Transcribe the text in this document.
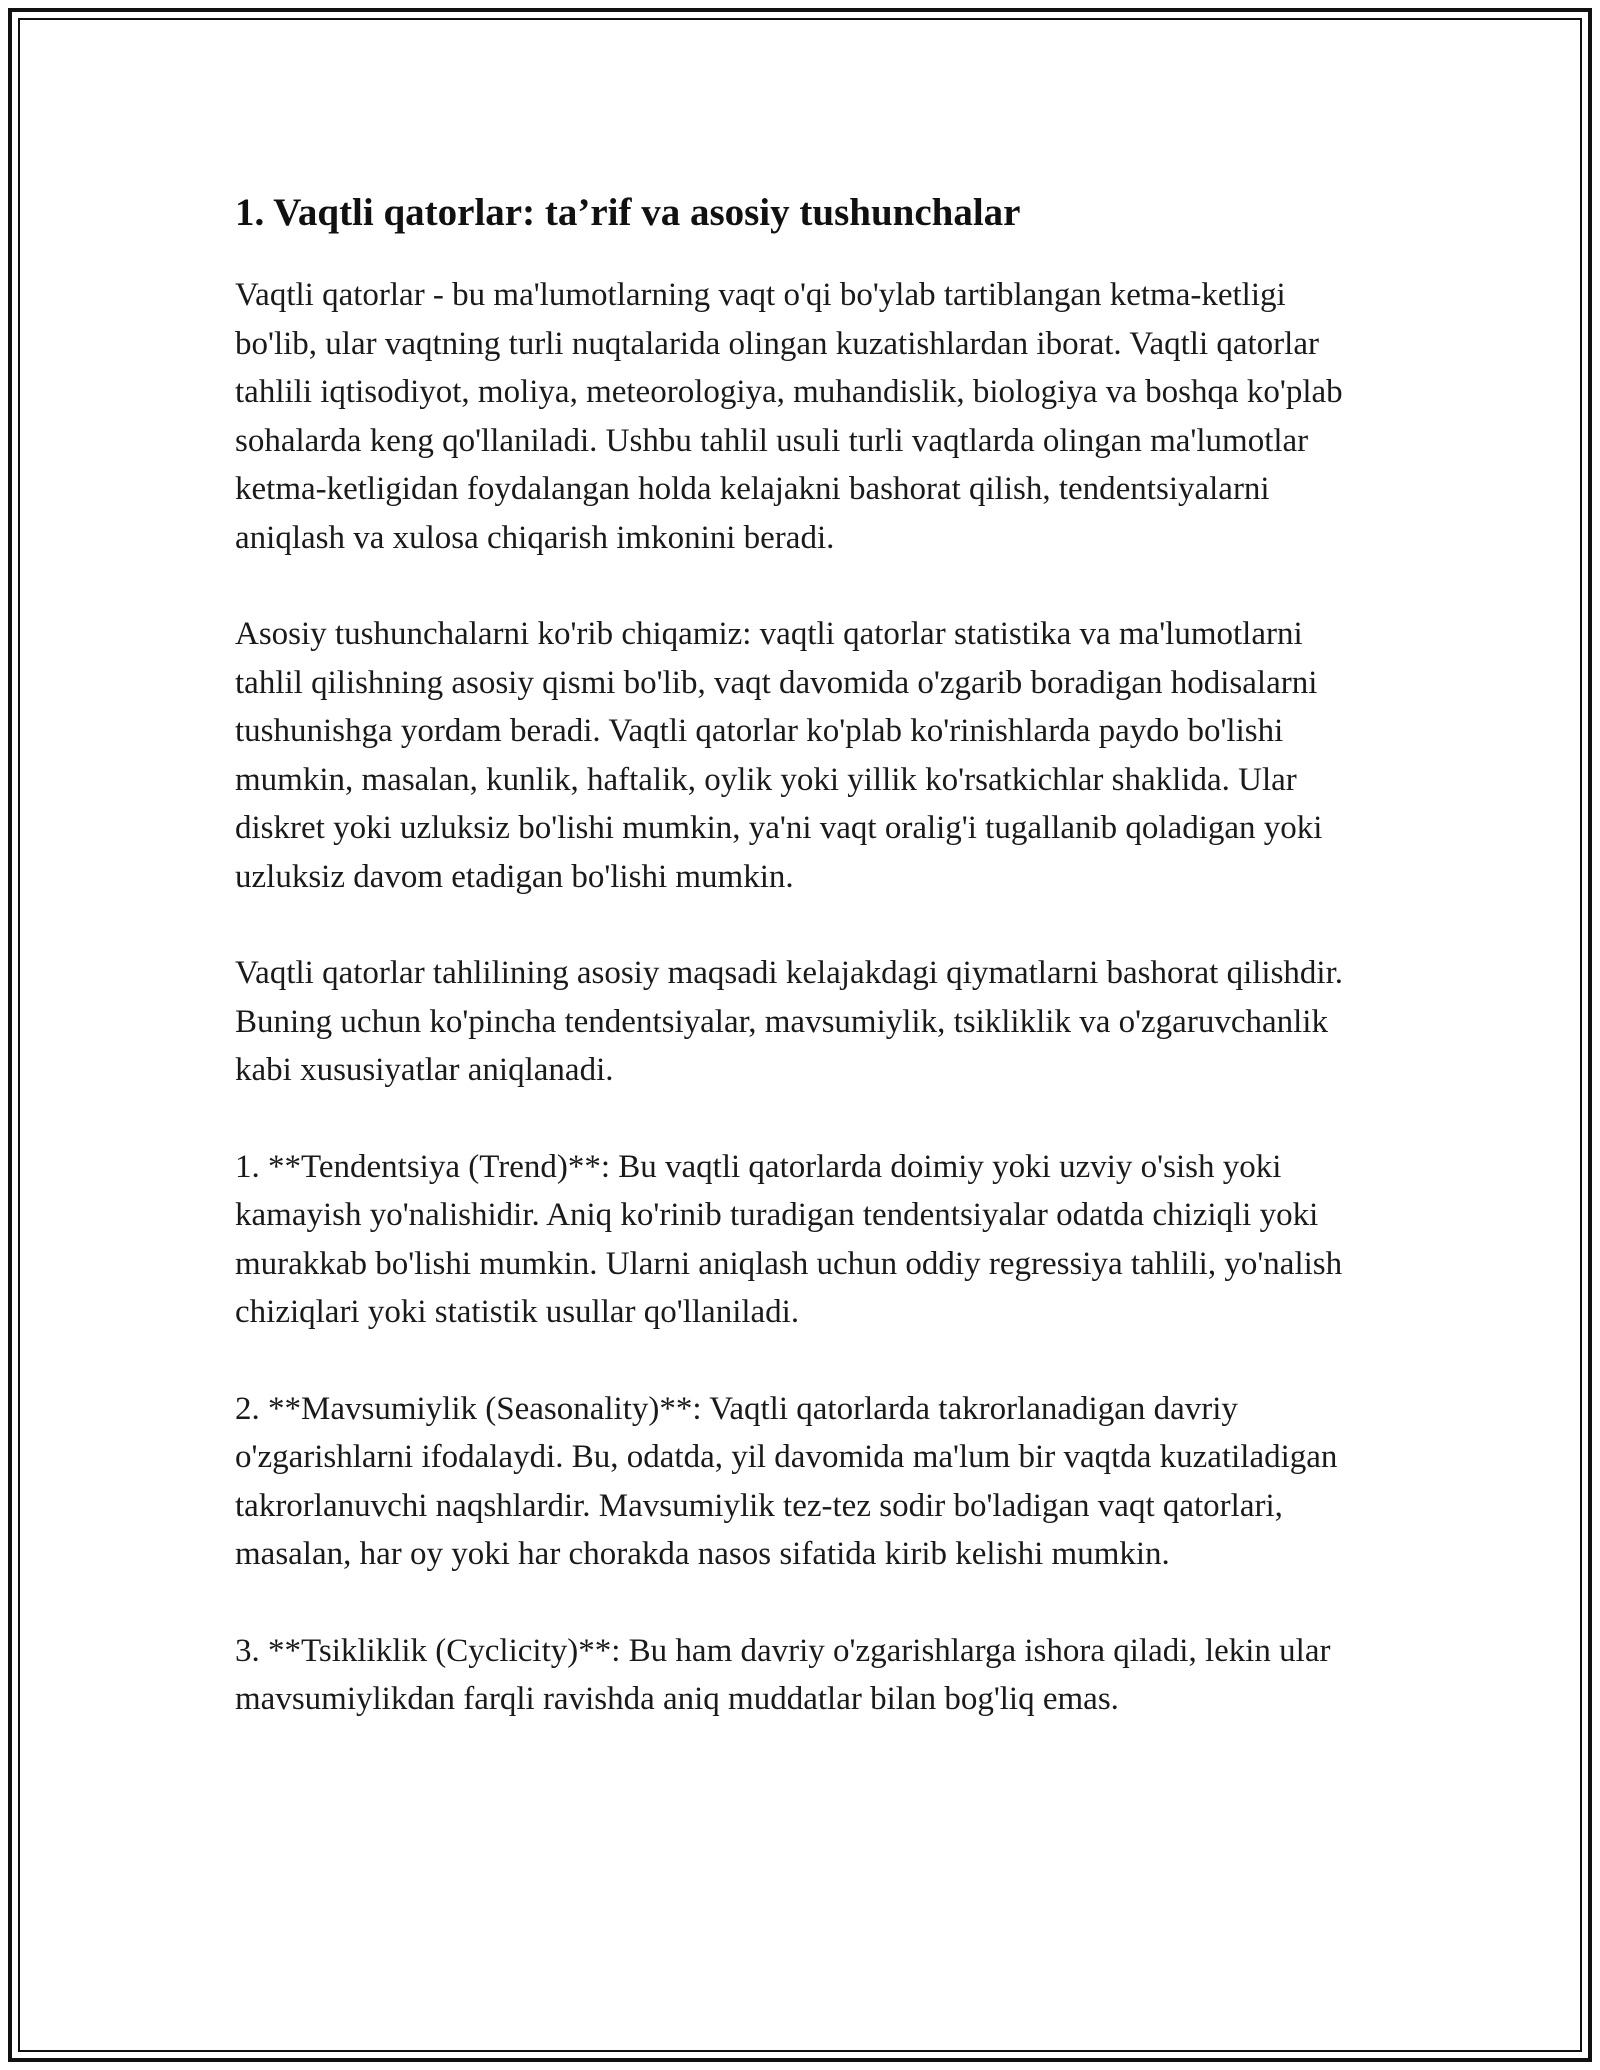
1. Vaqtli qatorlar: ta’rif va asosiy tushunchalar

Vaqtli qatorlar - bu ma'lumotlarning vaqt o'qi bo'ylab tartiblangan ketma-ketligi bo'lib, ular vaqtning turli nuqtalarida olingan kuzatishlardan iborat. Vaqtli qatorlar tahlili iqtisodiyot, moliya, meteorologiya, muhandislik, biologiya va boshqa ko'plab sohalarda keng qo'llaniladi. Ushbu tahlil usuli turli vaqtlarda olingan ma'lumotlar ketma-ketligidan foydalangan holda kelajakni bashorat qilish, tendentsiyalarni aniqlash va xulosa chiqarish imkonini beradi.

Asosiy tushunchalarni ko'rib chiqamiz: vaqtli qatorlar statistika va ma'lumotlarni tahlil qilishning asosiy qismi bo'lib, vaqt davomida o'zgarib boradigan hodisalarni tushunishga yordam beradi. Vaqtli qatorlar ko'plab ko'rinishlarda paydo bo'lishi mumkin, masalan, kunlik, haftalik, oylik yoki yillik ko'rsatkichlar shaklida. Ular diskret yoki uzluksiz bo'lishi mumkin, ya'ni vaqt oralig'i tugallanib qoladigan yoki uzluksiz davom etadigan bo'lishi mumkin.

Vaqtli qatorlar tahlilining asosiy maqsadi kelajakdagi qiymatlarni bashorat qilishdir. Buning uchun ko'pincha tendentsiyalar, mavsumiylik, tsikliklik va o'zgaruvchanlik kabi xususiyatlar aniqlanadi.

1. **Tendentsiya (Trend)**: Bu vaqtli qatorlarda doimiy yoki uzviy o'sish yoki kamayish yo'nalishidir. Aniq ko'rinib turadigan tendentsiyalar odatda chiziqli yoki murakkab bo'lishi mumkin. Ularni aniqlash uchun oddiy regressiya tahlili, yo'nalish chiziqlari yoki statistik usullar qo'llaniladi.

2. **Mavsumiylik (Seasonality)**: Vaqtli qatorlarda takrorlanadigan davriy o'zgarishlarni ifodalaydi. Bu, odatda, yil davomida ma'lum bir vaqtda kuzatiladigan takrorlanuvchi naqshlardir. Mavsumiylik tez-tez sodir bo'ladigan vaqt qatorlari, masalan, har oy yoki har chorakda nasos sifatida kirib kelishi mumkin.

3. **Tsikliklik (Cyclicity)**: Bu ham davriy o'zgarishlarga ishora qiladi, lekin ular mavsumiylikdan farqli ravishda aniq muddatlar bilan bog'liq emas.
